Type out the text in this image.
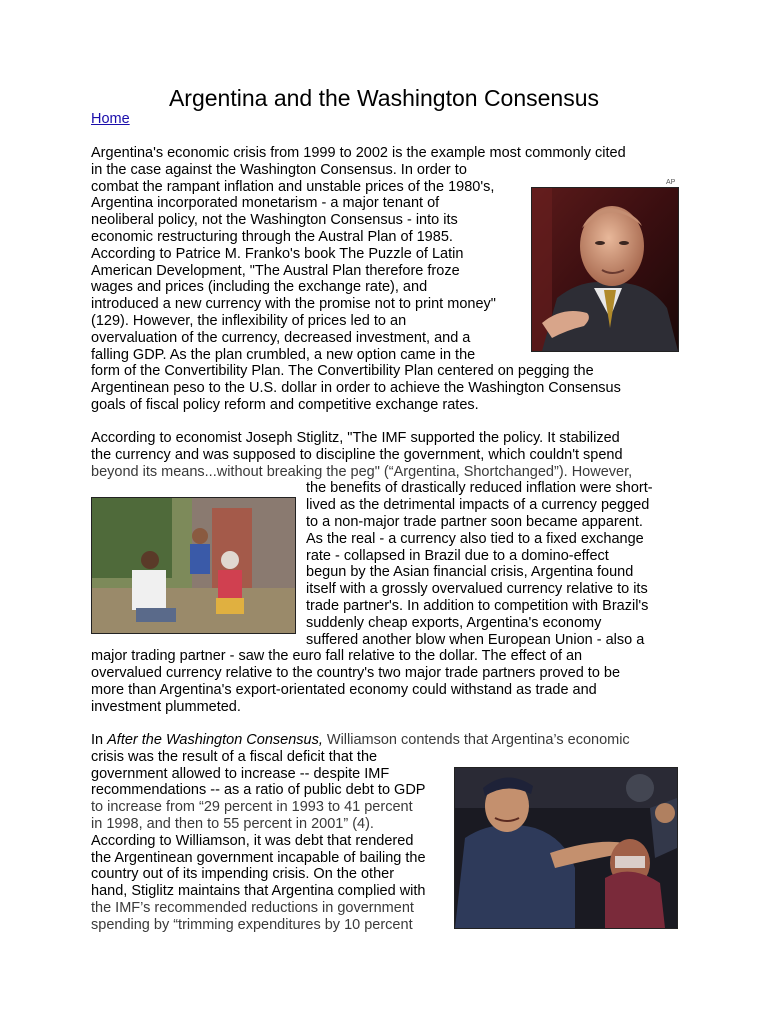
Argentina and the Washington Consensus
Home
Argentina's economic crisis from 1999 to 2002 is the example most commonly cited
in the case against the Washington Consensus. In order to
combat the rampant inflation and unstable prices of the 1980's,
Argentina incorporated monetarism - a major tenant of
neoliberal policy, not the Washington Consensus - into its
economic restructuring through the Austral Plan of 1985.
According to Patrice M. Franko's book The Puzzle of Latin
American Development, "The Austral Plan therefore froze
wages and prices (including the exchange rate), and
introduced a new currency with the promise not to print money"
(129). However, the inflexibility of prices led to an
overvaluation of the currency, decreased investment, and a
falling GDP. As the plan crumbled, a new option came in the
form of the Convertibility Plan. The Convertibility Plan centered on pegging the
Argentinean peso to the U.S. dollar in order to achieve the Washington Consensus
goals of fiscal policy reform and competitive exchange rates.
AP
According to economist Joseph Stiglitz, "The IMF supported the policy. It stabilized
the currency and was supposed to discipline the government, which couldn't spend
beyond its means...without breaking the peg" (“Argentina, Shortchanged”). However,
the benefits of drastically reduced inflation were short-
lived as the detrimental impacts of a currency pegged
to a non-major trade partner soon became apparent.
As the real - a currency also tied to a fixed exchange
rate - collapsed in Brazil due to a domino-effect
begun by the Asian financial crisis, Argentina found
itself with a grossly overvalued currency relative to its
trade partner's. In addition to competition with Brazil's
suddenly cheap exports, Argentina's economy
suffered another blow when European Union - also a
major trading partner - saw the euro fall relative to the dollar. The effect of an
overvalued currency relative to the country's two major trade partners proved to be
more than Argentina's export-orientated economy could withstand as trade and
investment plummeted.
In After the Washington Consensus, Williamson contends that Argentina’s economic
crisis was the result of a fiscal deficit that the
government allowed to increase -- despite IMF
recommendations -- as a ratio of public debt to GDP
to increase from “29 percent in 1993 to 41 percent
in 1998, and then to 55 percent in 2001” (4).
According to Williamson, it was debt that rendered
the Argentinean government incapable of bailing the
country out of its impending crisis. On the other
hand, Stiglitz maintains that Argentina complied with
the IMF’s recommended reductions in government
spending by “trimming expenditures by 10 percent
